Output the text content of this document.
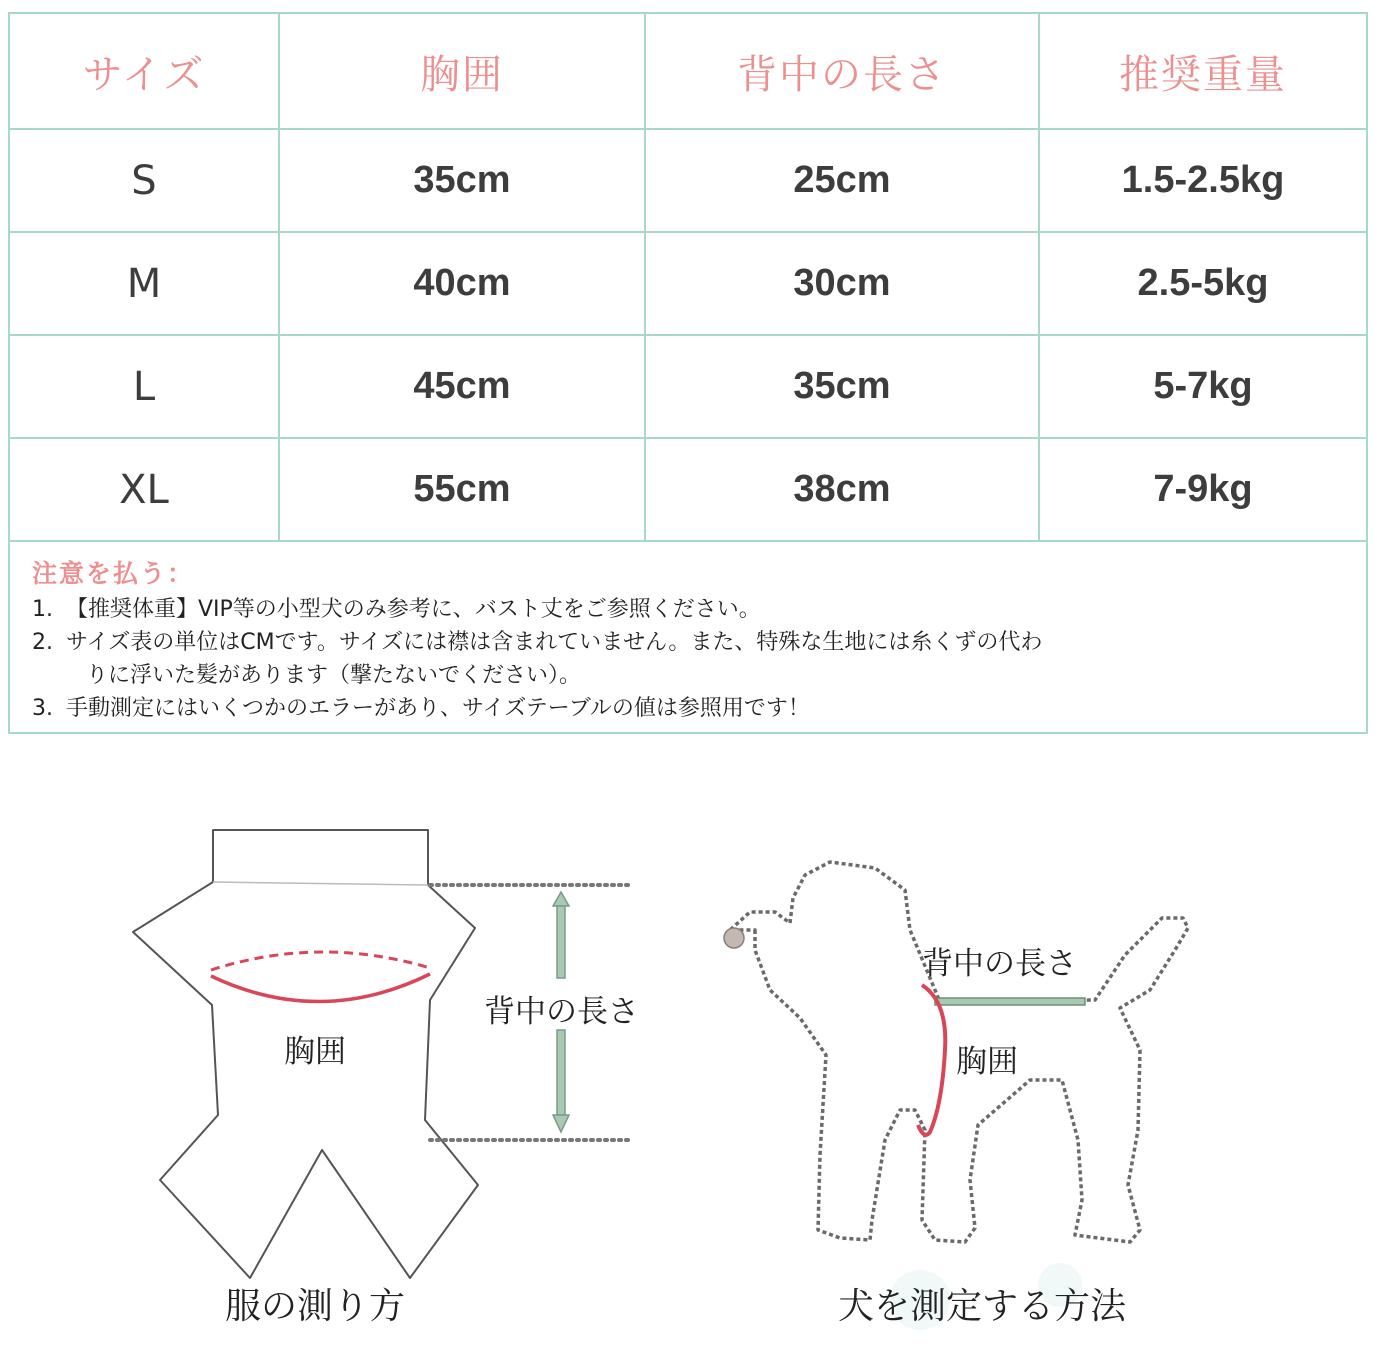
サイズ	胸囲	背中の長さ	推奨重量
S	35cm	25cm	1.5-2.5kg
M	40cm	30cm	2.5-5kg
L	45cm	35cm	5-7kg
XL	55cm	38cm	7-9kg
注意を払う：
1. 【推奨体重】VIP等の小型犬のみ参考に、バスト丈をご参照ください。
2. サイズ表の単位はCMです。サイズには襟は含まれていません。また、特殊な生地には糸くずの代わ
りに浮いた髪があります（撃たないでください）。
3. 手動測定にはいくつかのエラーがあり、サイズテーブルの値は参照用です！
胸囲
背中の長さ
服の測り方
背中の長さ
胸囲
犬を測定する方法
